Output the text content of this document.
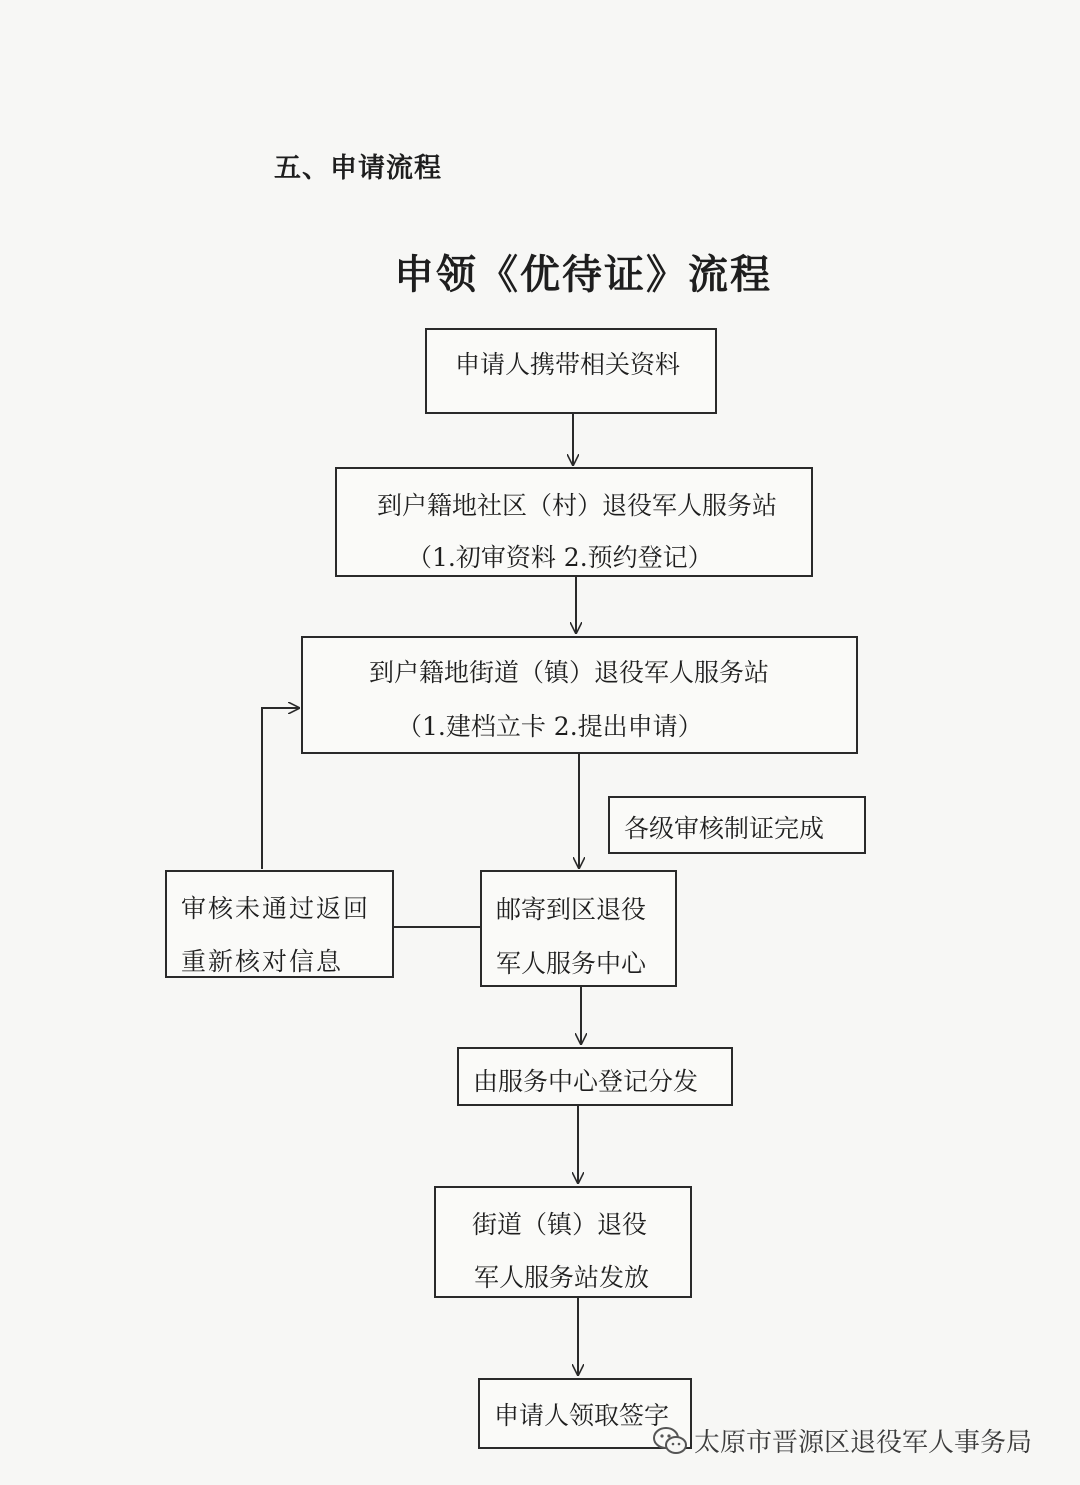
五、申请流程
申领《优待证》流程
申请人携带相关资料
到户籍地社区（村）退役军人服务站
（1.初审资料 2.预约登记）
到户籍地街道（镇）退役军人服务站
（1.建档立卡 2.提出申请）
各级审核制证完成
审核未通过返回
重新核对信息
邮寄到区退役
军人服务中心
由服务中心登记分发
街道（镇）退役
军人服务站发放
申请人领取签字
太原市晋源区退役军人事务局
